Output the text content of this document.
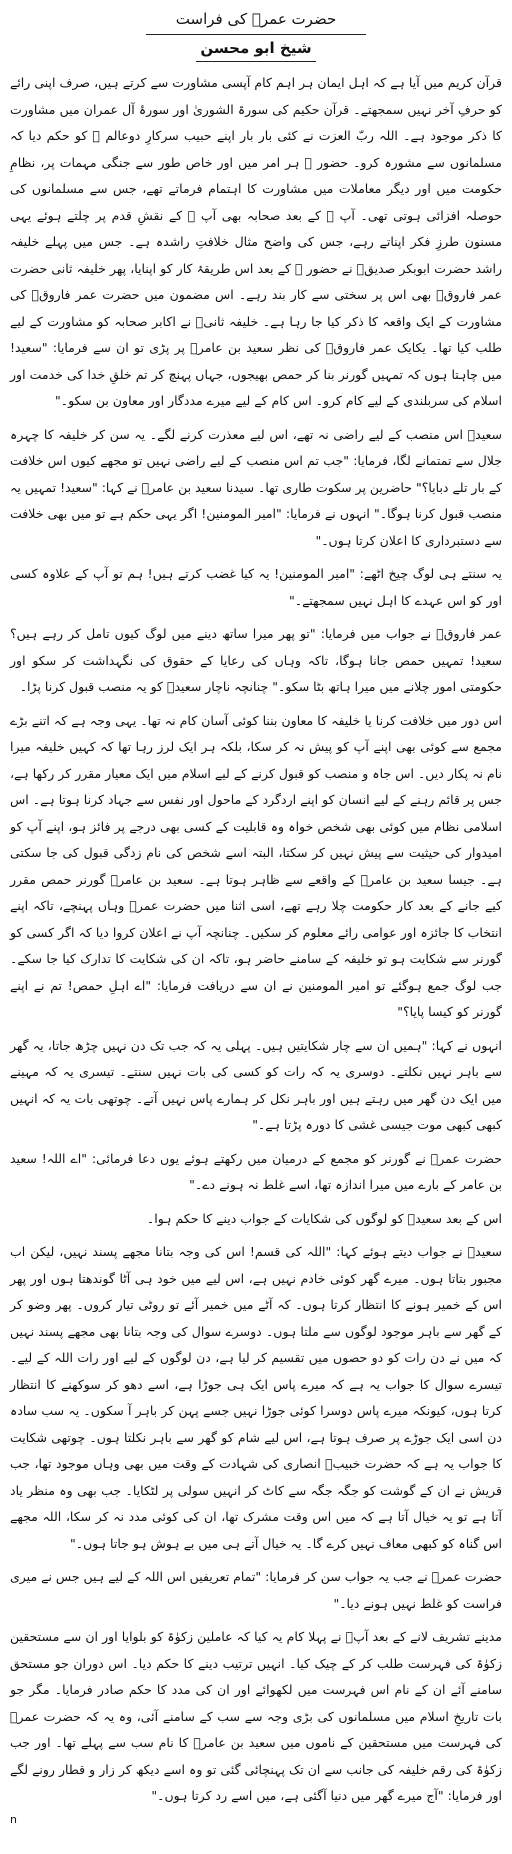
حضرت عمرؓ کی فراست
شیخ ابو محسن

قرآن کریم میں آیا ہے کہ اہل ایمان ہر اہم کام آپسی مشاورت سے کرتے ہیں، صرف اپنی رائے کو حرفِ آخر نہیں سمجھتے۔ قرآن حکیم کی سورۃ الشوریٰ اور سورۂ آل عمران میں مشاورت کا ذکر موجود ہے۔ اللہ ربّ العزت نے کئی بار بار اپنے حبیب سرکارِ دوعالم ﷺ کو حکم دیا کہ مسلمانوں سے مشورہ کرو۔ حضور ﷺ ہر امر میں اور خاص طور سے جنگی مہمات پر، نظامِ حکومت میں اور دیگر معاملات میں مشاورت کا اہتمام فرماتے تھے، جس سے مسلمانوں کی حوصلہ افزائی ہوتی تھی۔ آپ ﷺ کے بعد صحابہ بھی آپ ﷺ کے نقشِ قدم پر چلتے ہوئے یہی مسنون طرزِ فکر اپناتے رہے، جس کی واضح مثال خلافتِ راشدہ ہے۔ جس میں پہلے خلیفہ راشد حضرت ابوبکر صدیقؓ نے حضور ﷺ کے بعد اس طریقۂ کار کو اپنایا، پھر خلیفہ ثانی حضرت عمر فاروقؓ بھی اس پر سختی سے کار بند رہے۔ اس مضمون میں حضرت عمر فاروقؓ کی مشاورت کے ایک واقعہ کا ذکر کیا جا رہا ہے۔ خلیفہ ثانیؓ نے اکابر صحابہ کو مشاورت کے لیے طلب کیا تھا۔ یکایک عمر فاروقؓ کی نظر سعید بن عامرؓ پر پڑی تو ان سے فرمایا: "سعید! میں چاہتا ہوں کہ تمہیں گورنر بنا کر حمص بھیجوں، جہاں پہنچ کر تم خلقِ خدا کی خدمت اور اسلام کی سربلندی کے لیے کام کرو۔ اس کام کے لیے میرے مددگار اور معاون بن سکو۔"

سعیدؓ اس منصب کے لیے راضی نہ تھے، اس لیے معذرت کرنے لگے۔ یہ سن کر خلیفہ کا چہرہ جلال سے تمتمانے لگا، فرمایا: "جب تم اس منصب کے لیے راضی نہیں تو مجھے کیوں اس خلافت کے بار تلے دبایا؟" حاضرین پر سکوت طاری تھا۔ سیدنا سعید بن عامرؓ نے کہا: "سعید! تمہیں یہ منصب قبول کرنا ہوگا۔" انہوں نے فرمایا: "امیر المومنین! اگر یہی حکم ہے تو میں بھی خلافت سے دستبرداری کا اعلان کرتا ہوں۔"

یہ سنتے ہی لوگ چیخ اٹھے: "امیر المومنین! یہ کیا غضب کرتے ہیں! ہم تو آپ کے علاوہ کسی اور کو اس عہدے کا اہل نہیں سمجھتے۔"

عمر فاروقؓ نے جواب میں فرمایا: "تو پھر میرا ساتھ دینے میں لوگ کیوں تامل کر رہے ہیں؟ سعید! تمہیں حمص جانا ہوگا، تاکہ وہاں کی رعایا کے حقوق کی نگہداشت کر سکو اور حکومتی امور چلانے میں میرا ہاتھ بٹا سکو۔" چنانچہ ناچار سعیدؓ کو یہ منصب قبول کرنا پڑا۔

اس دور میں خلافت کرنا یا خلیفہ کا معاون بننا کوئی آسان کام نہ تھا۔ یہی وجہ ہے کہ اتنے بڑے مجمع سے کوئی بھی اپنے آپ کو پیش نہ کر سکا، بلکہ ہر ایک لرز رہا تھا کہ کہیں خلیفہ میرا نام نہ پکار دیں۔ اس جاہ و منصب کو قبول کرنے کے لیے اسلام میں ایک معیار مقرر کر رکھا ہے، جس پر قائم رہنے کے لیے انسان کو اپنے اردگرد کے ماحول اور نفس سے جہاد کرنا ہوتا ہے۔ اس اسلامی نظام میں کوئی بھی شخص خواہ وہ قابلیت کے کسی بھی درجے پر فائز ہو، اپنے آپ کو امیدوار کی حیثیت سے پیش نہیں کر سکتا، البتہ اسے شخص کی نام زدگی قبول کی جا سکتی ہے۔ جیسا سعید بن عامرؓ کے واقعے سے ظاہر ہوتا ہے۔ سعید بن عامرؓ گورنر حمص مقرر کیے جانے کے بعد کار حکومت چلا رہے تھے، اسی اثنا میں حضرت عمرؓ وہاں پہنچے، تاکہ اپنے انتخاب کا جائزہ اور عوامی رائے معلوم کر سکیں۔ چنانچہ آپ نے اعلان کروا دیا کہ اگر کسی کو گورنر سے شکایت ہو تو خلیفہ کے سامنے حاضر ہو، تاکہ ان کی شکایت کا تدارک کیا جا سکے۔ جب لوگ جمع ہوگئے تو امیر المومنین نے ان سے دریافت فرمایا: "اے اہلِ حمص! تم نے اپنے گورنر کو کیسا پایا؟"

انہوں نے کہا: "ہمیں ان سے چار شکایتیں ہیں۔ پہلی یہ کہ جب تک دن نہیں چڑھ جاتا، یہ گھر سے باہر نہیں نکلتے۔ دوسری یہ کہ رات کو کسی کی بات نہیں سنتے۔ تیسری یہ کہ مہینے میں ایک دن گھر میں رہتے ہیں اور باہر نکل کر ہمارے پاس نہیں آتے۔ چوتھی بات یہ کہ انہیں کبھی کبھی موت جیسی غشی کا دورہ پڑتا ہے۔"

حضرت عمرؓ نے گورنر کو مجمع کے درمیان میں رکھتے ہوئے یوں دعا فرمائی: "اے اللہ! سعید بن عامر کے بارے میں میرا اندازہ تھا، اسے غلط نہ ہونے دے۔"

اس کے بعد سعیدؓ کو لوگوں کی شکایات کے جواب دینے کا حکم ہوا۔

سعیدؓ نے جواب دیتے ہوئے کہا: "اللہ کی قسم! اس کی وجہ بتانا مجھے پسند نہیں، لیکن اب مجبور بتاتا ہوں۔ میرے گھر کوئی خادم نہیں ہے، اس لیے میں خود ہی آٹا گوندھتا ہوں اور پھر اس کے خمیر ہونے کا انتظار کرتا ہوں۔ کہ آٹے میں خمیر آئے تو روٹی تیار کروں۔ پھر وضو کر کے گھر سے باہر موجود لوگوں سے ملتا ہوں۔ دوسرے سوال کی وجہ بتانا بھی مجھے پسند نہیں کہ میں نے دن رات کو دو حصوں میں تقسیم کر لیا ہے، دن لوگوں کے لیے اور رات اللہ کے لیے۔ تیسرے سوال کا جواب یہ ہے کہ میرے پاس ایک ہی جوڑا ہے، اسے دھو کر سوکھنے کا انتظار کرتا ہوں، کیونکہ میرے پاس دوسرا کوئی جوڑا نہیں جسے پہن کر باہر آ سکوں۔ یہ سب سادہ دن اسی ایک جوڑے پر صرف ہوتا ہے، اس لیے شام کو گھر سے باہر نکلتا ہوں۔ چوتھی شکایت کا جواب یہ ہے کہ حضرت خبیبؓ انصاری کی شہادت کے وقت میں بھی وہاں موجود تھا، جب قریش نے ان کے گوشت کو جگہ جگہ سے کاٹ کر انہیں سولی پر لٹکایا۔ جب بھی وہ منظر یاد آتا ہے تو یہ خیال آتا ہے کہ میں اس وقت مشرک تھا، ان کی کوئی مدد نہ کر سکا، اللہ مجھے اس گناہ کو کبھی معاف نہیں کرے گا۔ یہ خیال آتے ہی میں بے ہوش ہو جاتا ہوں۔"

حضرت عمرؓ نے جب یہ جواب سن کر فرمایا: "تمام تعریفیں اس اللہ کے لیے ہیں جس نے میری فراست کو غلط نہیں ہونے دیا۔"

مدینے تشریف لانے کے بعد آپؓ نے پہلا کام یہ کیا کہ عاملین زکوٰۃ کو بلوایا اور ان سے مستحقین زکوٰۃ کی فہرست طلب کر کے چیک کیا۔ انہیں ترتیب دینے کا حکم دیا۔ اس دوران جو مستحق سامنے آئے ان کے نام اس فہرست میں لکھوائے اور ان کی مدد کا حکم صادر فرمایا۔ مگر جو بات تاریخِ اسلام میں مسلمانوں کی بڑی وجہ سے سب کے سامنے آئی، وہ یہ کہ حضرت عمرؓ کی فہرست میں مستحقین کے ناموں میں سعید بن عامرؓ کا نام سب سے پہلے تھا۔ اور جب زکوٰۃ کی رقم خلیفہ کی جانب سے ان تک پہنچائی گئی تو وہ اسے دیکھ کر زار و قطار رونے لگے اور فرمایا: "آج میرے گھر میں دنیا آگئی ہے، میں اسے رد کرتا ہوں۔"

n
